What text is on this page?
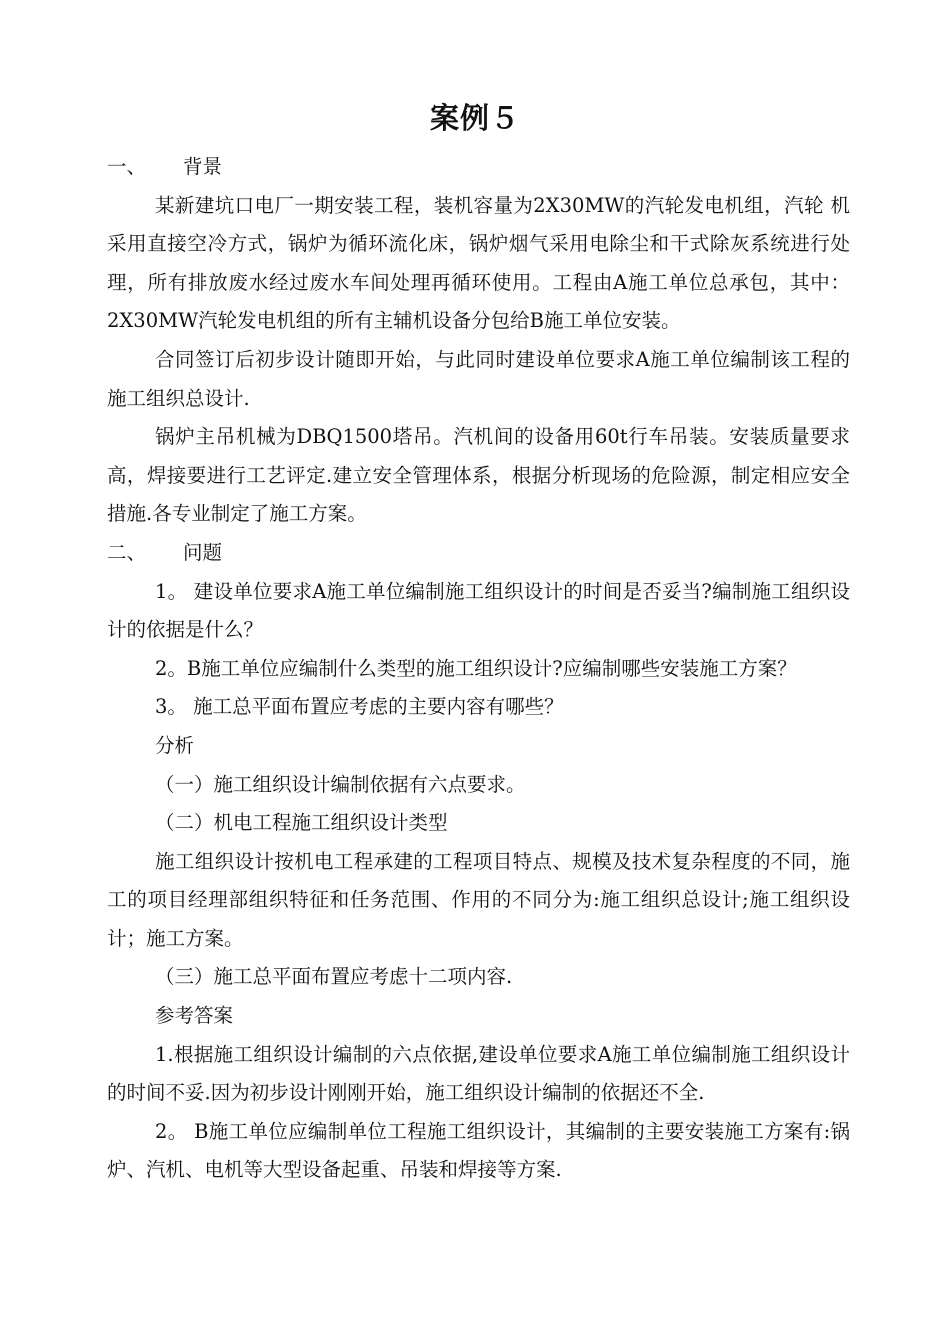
案例５

一、 背景

某新建坑口电厂一期安装工程，装机容量为2X30MW的汽轮发电机组，汽轮 机采用直接空冷方式，锅炉为循环流化床，锅炉烟气采用电除尘和干式除灰系统进行处理，所有排放废水经过废水车间处理再循环使用。工程由A施工单位总承包，其中：2X30MW汽轮发电机组的所有主辅机设备分包给B施工单位安装。

合同签订后初步设计随即开始，与此同时建设单位要求A施工单位编制该工程的施工组织总设计.

锅炉主吊机械为DBQ1500塔吊。汽机间的设备用60t行车吊装。安装质量要求高，焊接要进行工艺评定.建立安全管理体系，根据分析现场的危险源，制定相应安全措施.各专业制定了施工方案。

二、 问题

1。 建设单位要求A施工单位编制施工组织设计的时间是否妥当?编制施工组织设计的依据是什么？

2。B施工单位应编制什么类型的施工组织设计?应编制哪些安装施工方案？

3。 施工总平面布置应考虑的主要内容有哪些？

分析

（一）施工组织设计编制依据有六点要求。

（二）机电工程施工组织设计类型

施工组织设计按机电工程承建的工程项目特点、规模及技术复杂程度的不同，施工的项目经理部组织特征和任务范围、作用的不同分为:施工组织总设计;施工组织设计；施工方案。

（三）施工总平面布置应考虑十二项内容.

参考答案

1.根据施工组织设计编制的六点依据,建设单位要求A施工单位编制施工组织设计的时间不妥.因为初步设计刚刚开始，施工组织设计编制的依据还不全.

2。 B施工单位应编制单位工程施工组织设计，其编制的主要安装施工方案有:锅炉、汽机、电机等大型设备起重、吊装和焊接等方案.
